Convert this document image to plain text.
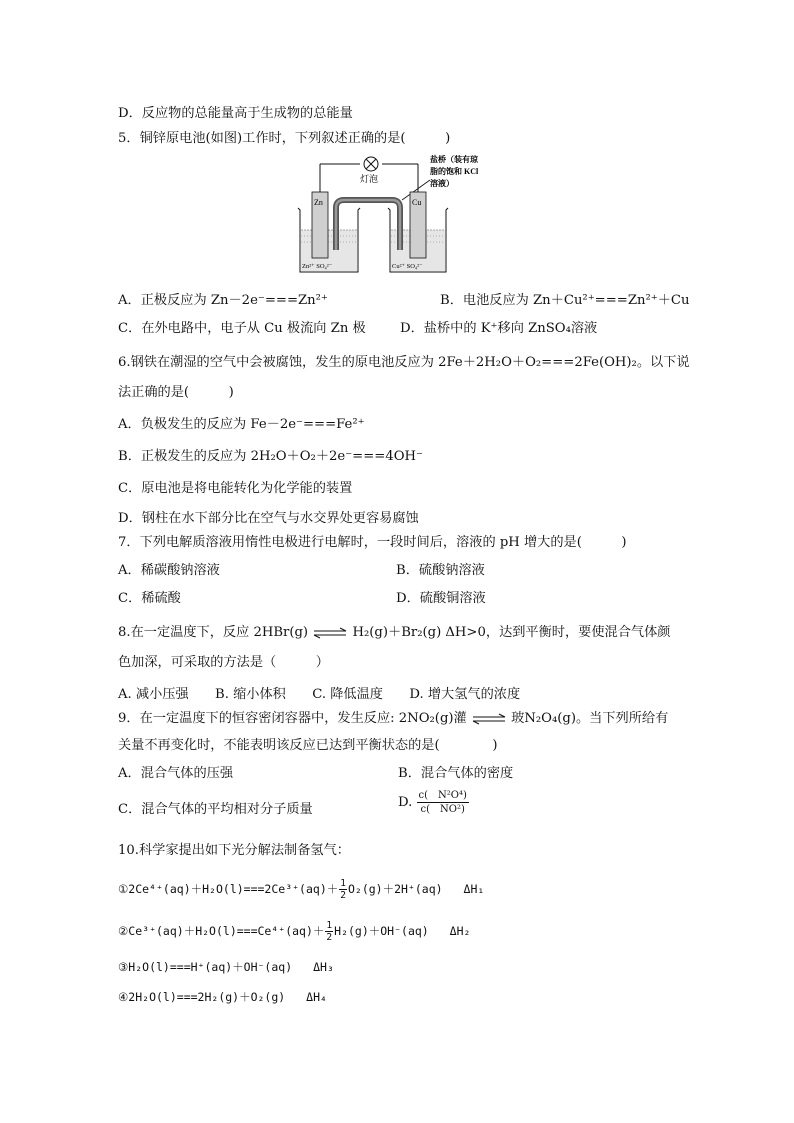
D．反应物的总能量高于生成物的总能量
5．铜锌原电池(如图)工作时，下列叙述正确的是(　　　)
灯泡
盐桥（装有琼
脂的饱和 KCl
溶液）
Zn	Cu
Zn²⁺ SO₄²⁻	Cu²⁺ SO₄²⁻
A．正极反应为 Zn－2e⁻===Zn²⁺	B．电池反应为 Zn＋Cu²⁺===Zn²⁺＋Cu
C．在外电路中，电子从 Cu 极流向 Zn 极	D．盐桥中的 K⁺移向 ZnSO₄溶液
6.钢铁在潮湿的空气中会被腐蚀，发生的原电池反应为 2Fe＋2H₂O＋O₂===2Fe(OH)₂。以下说
法正确的是(　　　)
A．负极发生的反应为 Fe－2e⁻===Fe²⁺
B．正极发生的反应为 2H₂O＋O₂＋2e⁻===4OH⁻
C．原电池是将电能转化为化学能的装置
D．钢柱在水下部分比在空气与水交界处更容易腐蚀
7．下列电解质溶液用惰性电极进行电解时，一段时间后，溶液的 pH 增大的是(　　　)
A．稀碳酸钠溶液	B．硫酸钠溶液
C．稀硫酸	D．硫酸铜溶液
8.在一定温度下，反应 2HBr(g) ⇌ H₂(g)＋Br₂(g) ΔH>0，达到平衡时，要使混合气体颜
色加深，可采取的方法是（　　　）
A. 减小压强　　B. 缩小体积　　C. 降低温度　　D. 增大氢气的浓度
9．在一定温度下的恒容密闭容器中，发生反应: 2NO₂(g)灌 ⇌ 玻N₂O₄(g)。当下列所给有
关量不再变化时，不能表明该反应已达到平衡状态的是(　　　　)
A．混合气体的压强	B．混合气体的密度
C．混合气体的平均相对分子质量	D. $\frac{\text{c(　N²O⁴)}}{\text{c(　NO²)}}$
10.科学家提出如下光分解法制备氢气：
①2Ce⁴⁺(aq)＋H₂O(l)===2Ce³⁺(aq)＋ $\frac{1}{2} O_2(g)+2H^+(aq)$ ΔH₁
②Ce³⁺(aq)＋H₂O(l)===Ce⁴⁺(aq)＋ $\frac{1}{2} H_2(g)+OH^-(aq)$ ΔH₂
③H₂O(l)===H⁺(aq)＋OH⁻(aq) ΔH₃
④2H₂O(l)===2H₂(g)＋O₂(g) ΔH₄
